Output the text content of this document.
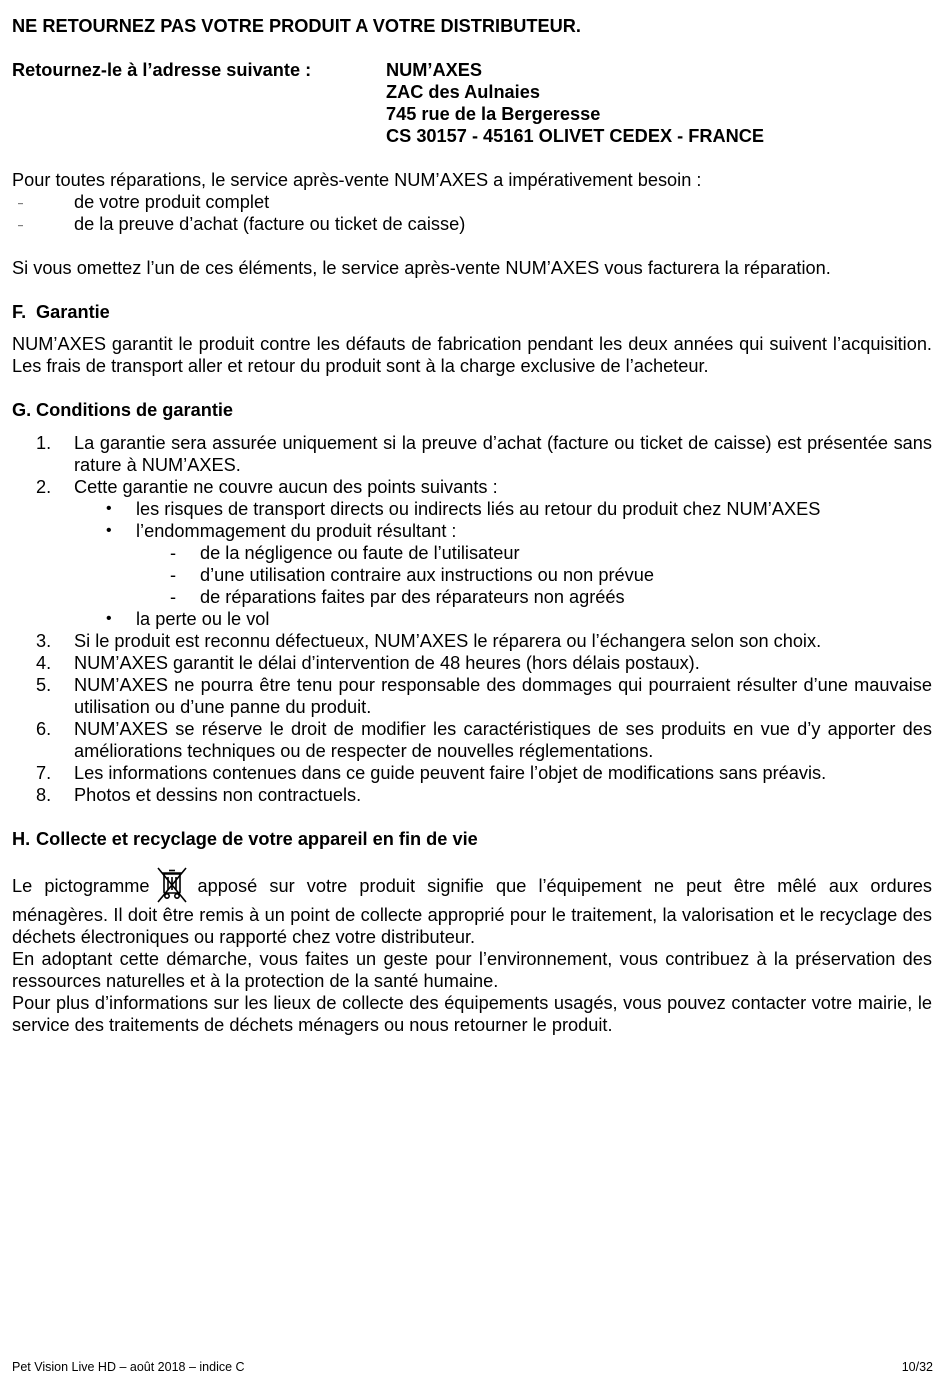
NE RETOURNEZ PAS VOTRE PRODUIT A VOTRE DISTRIBUTEUR.

Retournez-le à l’adresse suivante :	NUM’AXES
ZAC des Aulnaies
745 rue de la Bergeresse
CS 30157 - 45161 OLIVET CEDEX - FRANCE

Pour toutes réparations, le service après-vente NUM’AXES a impérativement besoin :

–	de votre produit complet
–	de la preuve d’achat (facture ou ticket de caisse)

Si vous omettez l’un de ces éléments, le service après-vente NUM’AXES vous facturera la réparation.

F. Garantie

NUM’AXES garantit le produit contre les défauts de fabrication pendant les deux années qui suivent l’acquisition. Les frais de transport aller et retour du produit sont à la charge exclusive de l’acheteur.

G. Conditions de garantie
1. La garantie sera assurée uniquement si la preuve d’achat (facture ou ticket de caisse) est présentée sans rature à NUM’AXES.
2. Cette garantie ne couvre aucun des points suivants :
• les risques de transport directs ou indirects liés au retour du produit chez NUM’AXES
• l’endommagement du produit résultant :
- de la négligence ou faute de l’utilisateur
- d’une utilisation contraire aux instructions ou non prévue
- de réparations faites par des réparateurs non agréés
• la perte ou le vol
3. Si le produit est reconnu défectueux, NUM’AXES le réparera ou l’échangera selon son choix.
4. NUM’AXES garantit le délai d’intervention de 48 heures (hors délais postaux).
5. NUM’AXES ne pourra être tenu pour responsable des dommages qui pourraient résulter d’une mauvaise utilisation ou d’une panne du produit.
6. NUM’AXES se réserve le droit de modifier les caractéristiques de ses produits en vue d’y apporter des améliorations techniques ou de respecter de nouvelles réglementations.
7. Les informations contenues dans ce guide peuvent faire l’objet de modifications sans préavis.
8. Photos et dessins non contractuels.
H. Collecte et recyclage de votre appareil en fin de vie

Le pictogramme	apposé sur votre produit signifie que l’équipement ne peut être mêlé aux ordures ménagères. Il doit être remis à un point de collecte approprié pour le traitement, la valorisation et le recyclage des déchets électroniques ou rapporté chez votre distributeur.

En adoptant cette démarche, vous faites un geste pour l’environnement, vous contribuez à la préservation des ressources naturelles et à la protection de la santé humaine.

Pour plus d’informations sur les lieux de collecte des équipements usagés, vous pouvez contacter votre mairie, le service des traitements de déchets ménagers ou nous retourner le produit.

Pet Vision Live HD – août 2018 – indice C	10/32
